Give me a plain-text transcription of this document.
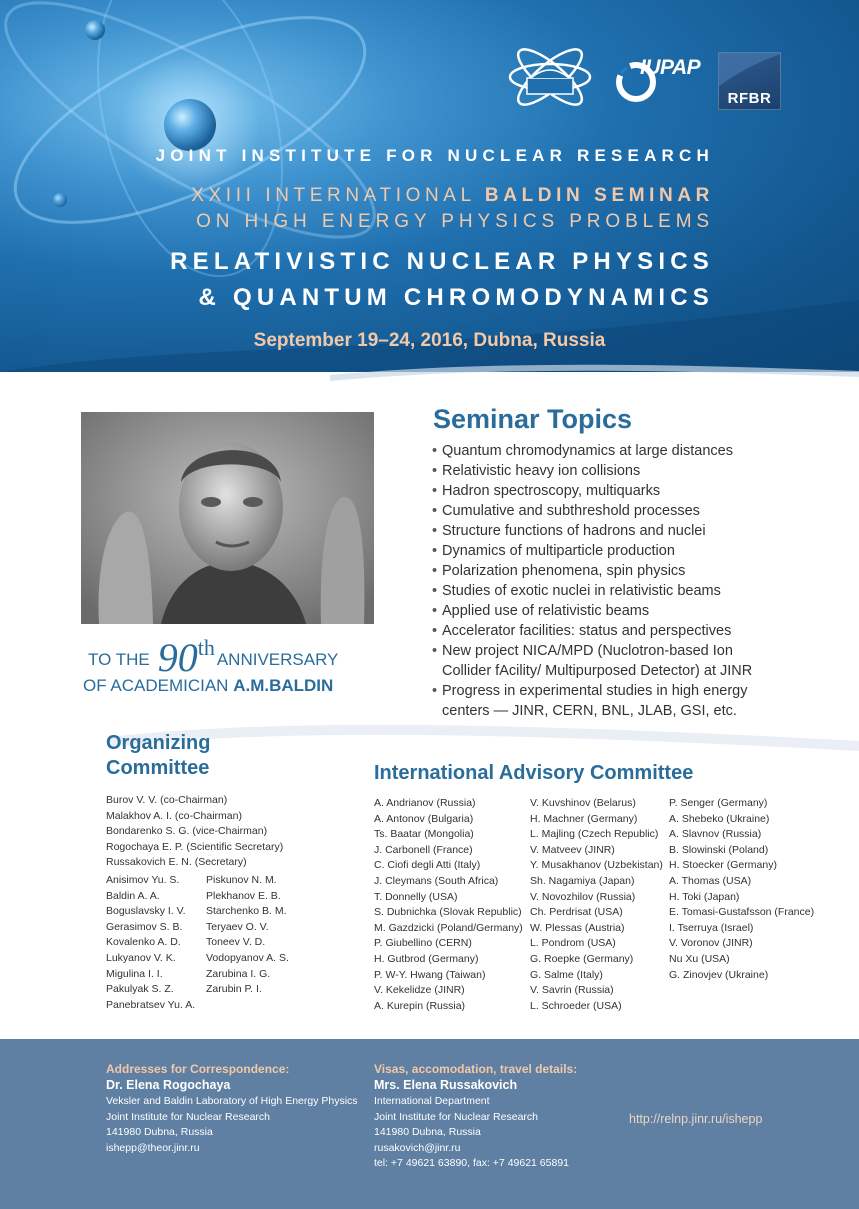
IUPAP
RFBR
JOINT INSTITUTE FOR NUCLEAR RESEARCH
XXIII INTERNATIONAL BALDIN SEMINAR
ON HIGH ENERGY PHYSICS PROBLEMS
RELATIVISTIC NUCLEAR PHYSICS
& QUANTUM CHROMODYNAMICS
September 19–24, 2016, Dubna, Russia
TO THE 90th ANNIVERSARY
OF ACADEMICIAN A.M.BALDIN
Seminar Topics
• Quantum chromodynamics at large distances
• Relativistic heavy ion collisions
• Hadron spectroscopy, multiquarks
• Cumulative and subthreshold processes
• Structure functions of hadrons and nuclei
• Dynamics of multiparticle production
• Polarization phenomena, spin physics
• Studies of exotic nuclei in relativistic beams
• Applied use of relativistic beams
• Accelerator facilities: status and perspectives
• New project NICA/MPD (Nuclotron-based Ion
Collider fAcility/ Multipurposed Detector) at JINR
• Progress in experimental studies in high energy
centers — JINR, CERN, BNL, JLAB, GSI, etc.
Organizing
Committee
Burov V. V. (co-Chairman)
Malakhov A. I. (co-Chairman)
Bondarenko S. G. (vice-Chairman)
Rogochaya E. P. (Scientific Secretary)
Russakovich E. N. (Secretary)
Anisimov Yu. S.
Baldin A. A.
Boguslavsky I. V.
Gerasimov S. B.
Kovalenko A. D.
Lukyanov V. K.
Migulina I. I.
Pakulyak S. Z.
Panebratsev Yu. A.
Piskunov N. M.
Plekhanov E. B.
Starchenko B. M.
Teryaev O. V.
Toneev V. D.
Vodopyanov A. S.
Zarubina I. G.
Zarubin P. I.
International Advisory Committee
A. Andrianov (Russia)
A. Antonov (Bulgaria)
Ts. Baatar (Mongolia)
J. Carbonell (France)
C. Ciofi degli Atti (Italy)
J. Cleymans (South Africa)
T. Donnelly (USA)
S. Dubnichka (Slovak Republic)
M. Gazdzicki (Poland/Germany)
P. Giubellino (CERN)
H. Gutbrod (Germany)
P. W-Y. Hwang (Taiwan)
V. Kekelidze (JINR)
A. Kurepin (Russia)
V. Kuvshinov (Belarus)
H. Machner (Germany)
L. Majling (Czech Republic)
V. Matveev (JINR)
Y. Musakhanov (Uzbekistan)
Sh. Nagamiya (Japan)
V. Novozhilov (Russia)
Ch. Perdrisat (USA)
W. Plessas (Austria)
L. Pondrom (USA)
G. Roepke (Germany)
G. Salme (Italy)
V. Savrin (Russia)
L. Schroeder (USA)
P. Senger (Germany)
A. Shebeko (Ukraine)
A. Slavnov (Russia)
B. Slowinski (Poland)
H. Stoecker (Germany)
A. Thomas (USA)
H. Toki (Japan)
E. Tomasi-Gustafsson (France)
I. Tserruya (Israel)
V. Voronov (JINR)
Nu Xu (USA)
G. Zinovjev (Ukraine)
Addresses for Correspondence:
Dr. Elena Rogochaya
Veksler and Baldin Laboratory of High Energy Physics
Joint Institute for Nuclear Research
141980 Dubna, Russia
ishepp@theor.jinr.ru
Visas, accomodation, travel details:
Mrs. Elena Russakovich
International Department
Joint Institute for Nuclear Research
141980 Dubna, Russia
rusakovich@jinr.ru
tel: +7 49621 63890, fax: +7 49621 65891
http://relnp.jinr.ru/ishepp
